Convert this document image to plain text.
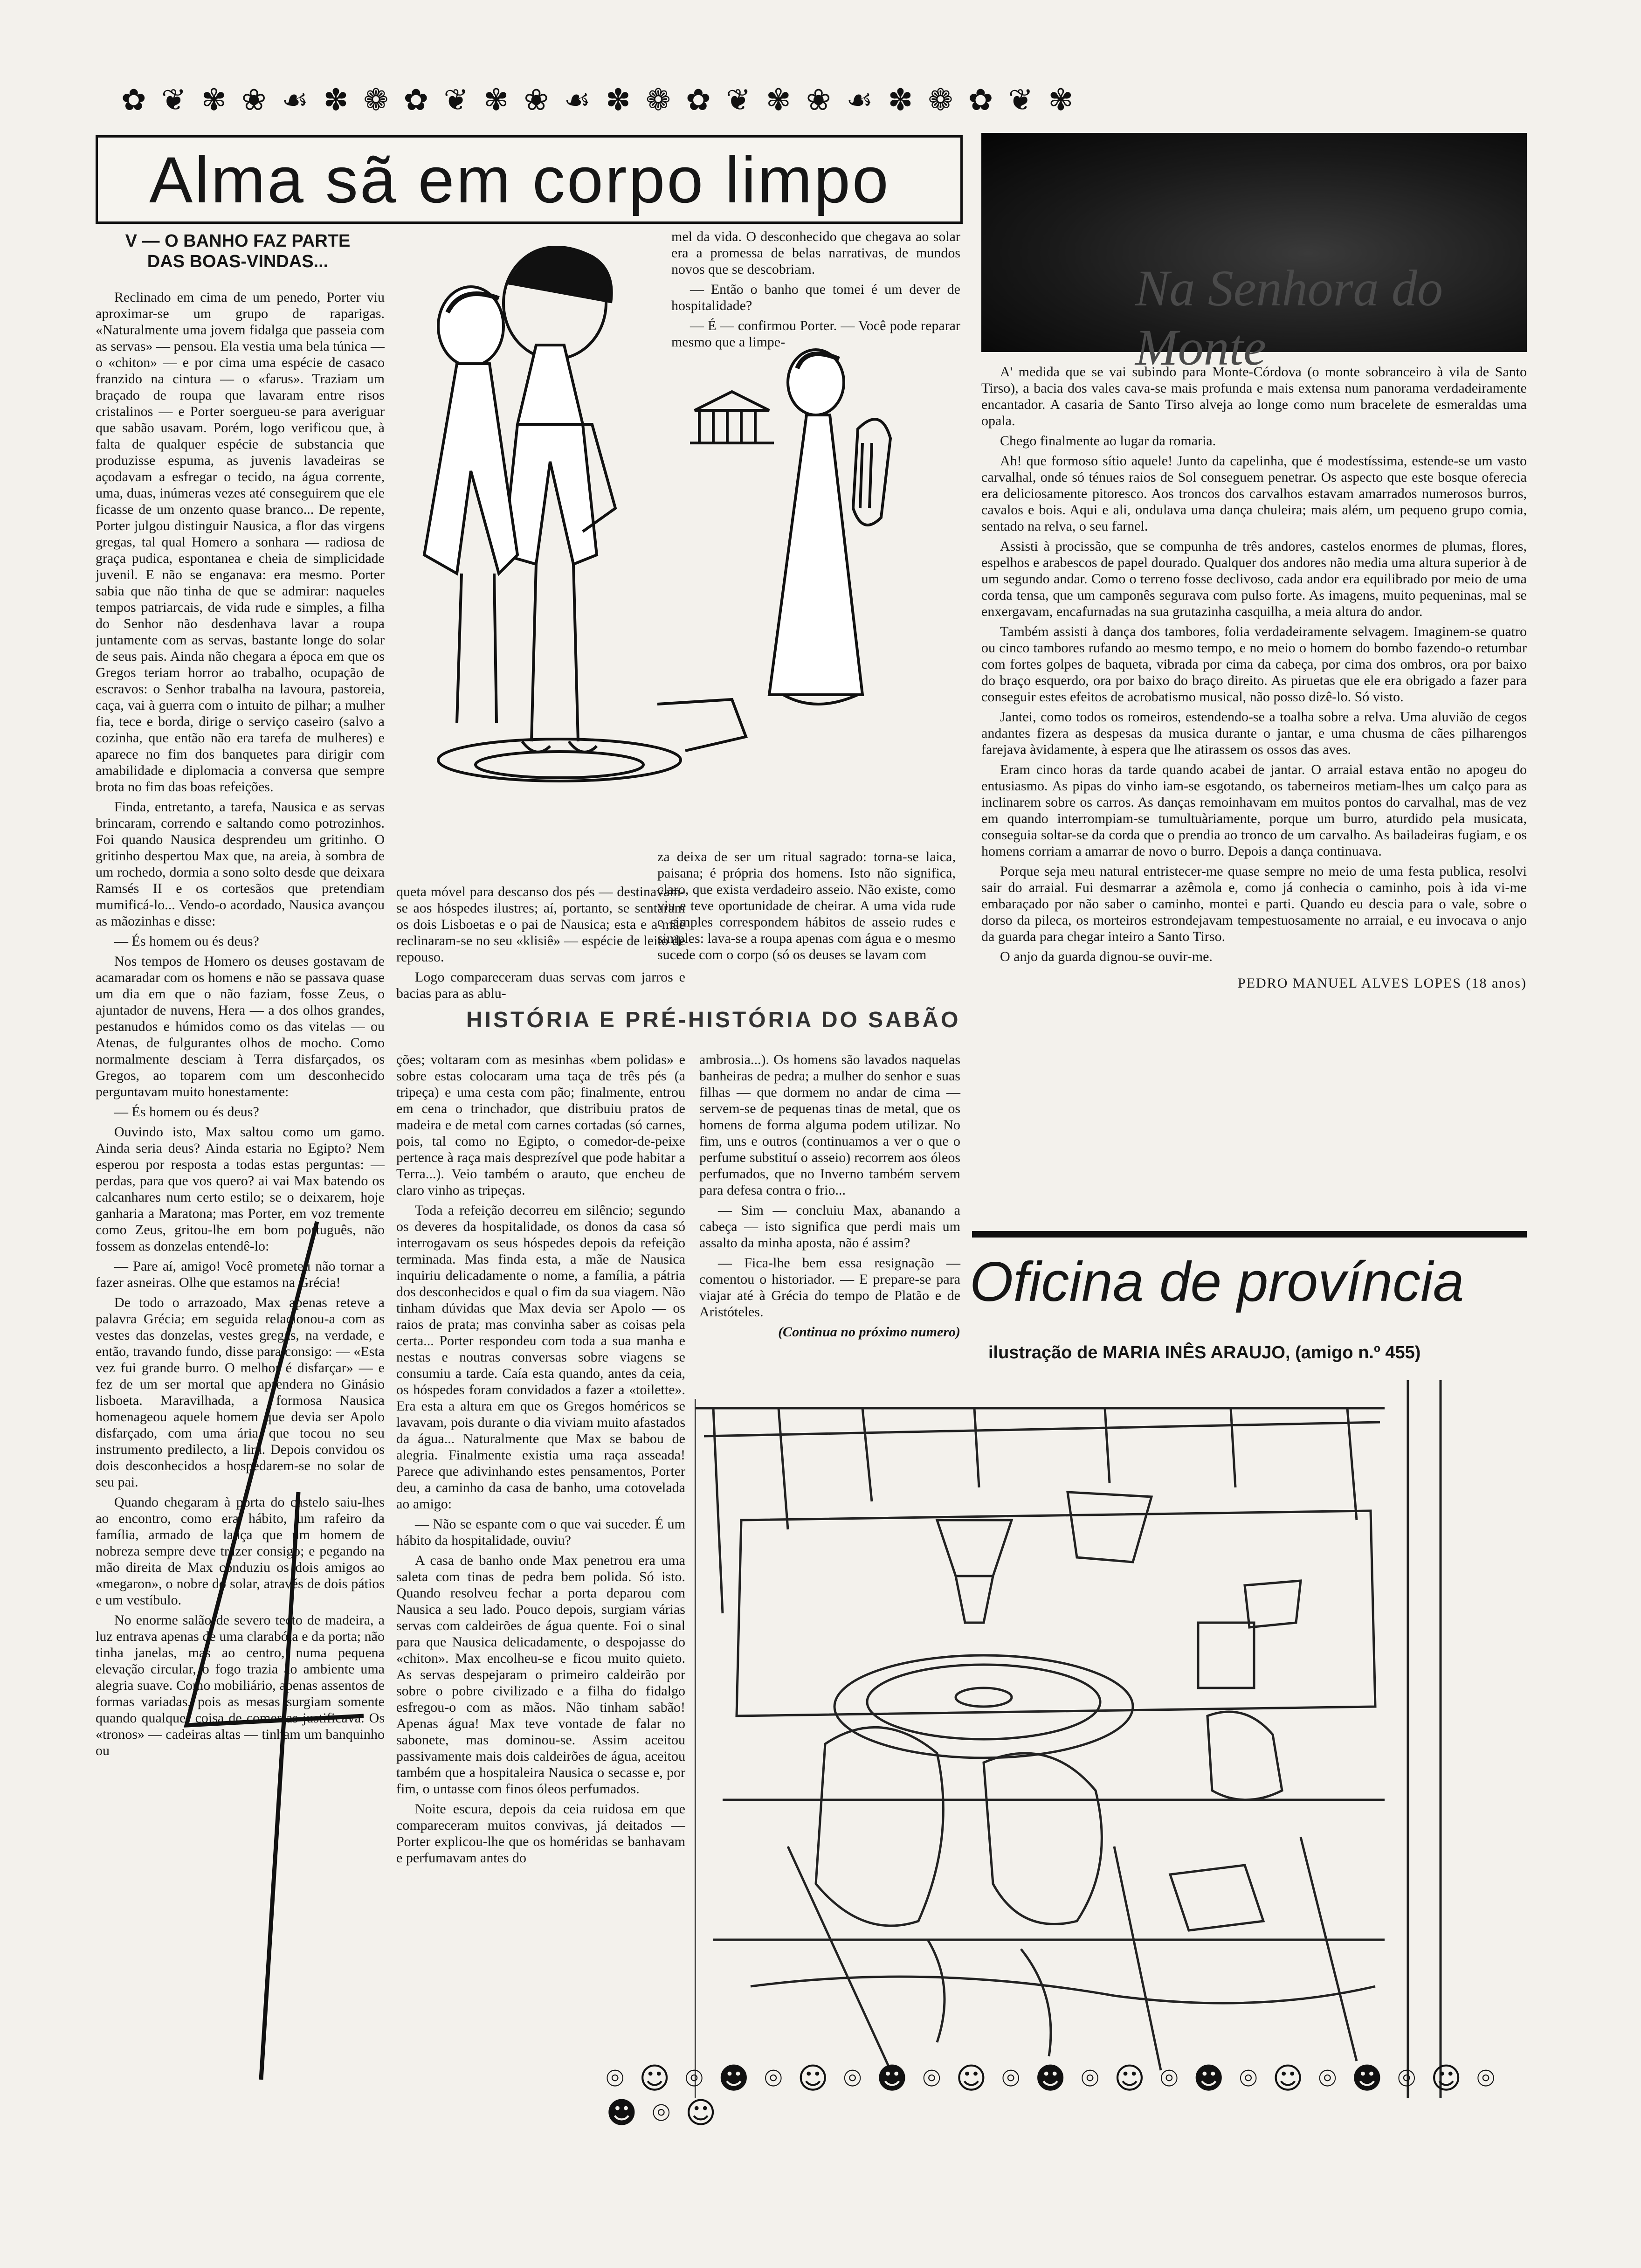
✿ ❦ ✾ ❀ ☙ ✽ ❁ ✿ ❦ ✾ ❀ ☙ ✽ ❁ ✿ ❦ ✾ ❀ ☙ ✽ ❁ ✿ ❦ ✾
Alma sã em corpo limpo
V — O BANHO FAZ PARTE
DAS BOAS-VINDAS...

Reclinado em cima de um penedo, Porter viu aproximar-se um grupo de raparigas. «Naturalmente uma jovem fidalga que passeia com as servas» — pensou. Ela vestia uma bela túnica — o «chiton» — e por cima uma espécie de casaco franzido na cintura — o «farus». Traziam um braçado de roupa que lavaram entre risos cristalinos — e Porter soergueu-se para averiguar que sabão usavam. Porém, logo verificou que, à falta de qualquer espécie de substancia que produzisse espuma, as juvenis lavadeiras se açodavam a esfregar o tecido, na água corrente, uma, duas, inúmeras vezes até conseguirem que ele ficasse de um onzento quase branco... De repente, Porter julgou distinguir Nausica, a flor das virgens gregas, tal qual Homero a sonhara — radiosa de graça pudica, espontanea e cheia de simplicidade juvenil. E não se enganava: era mesmo. Porter sabia que não tinha de que se admirar: naqueles tempos patriarcais, de vida rude e simples, a filha do Senhor não desdenhava lavar a roupa juntamente com as servas, bastante longe do solar de seus pais. Ainda não chegara a época em que os Gregos teriam horror ao trabalho, ocupação de escravos: o Senhor trabalha na lavoura, pastoreia, caça, vai à guerra com o intuito de pilhar; a mulher fia, tece e borda, dirige o serviço caseiro (salvo a cozinha, que então não era tarefa de mulheres) e aparece no fim dos banquetes para dirigir com amabilidade e diplomacia a conversa que sempre brota no fim das boas refeições.

Finda, entretanto, a tarefa, Nausica e as servas brincaram, correndo e saltando como potrozinhos. Foi quando Nausica desprendeu um gritinho. O gritinho despertou Max que, na areia, à sombra de um rochedo, dormia a sono solto desde que deixara Ramsés II e os cortesãos que pretendiam mumificá-lo... Vendo-o acordado, Nausica avançou as mãozinhas e disse:

— És homem ou és deus?

Nos tempos de Homero os deuses gostavam de acamaradar com os homens e não se passava quase um dia em que o não faziam, fosse Zeus, o ajuntador de nuvens, Hera — a dos olhos grandes, pestanudos e húmidos como os das vitelas — ou Atenas, de fulgurantes olhos de mocho. Como normalmente desciam à Terra disfarçados, os Gregos, ao toparem com um desconhecido perguntavam muito honestamente:

— És homem ou és deus?

Ouvindo isto, Max saltou como um gamo. Ainda seria deus? Ainda estaria no Egipto? Nem esperou por resposta a todas estas perguntas: — perdas, para que vos quero? ai vai Max batendo os calcanhares num certo estilo; se o deixarem, hoje ganharia a Maratona; mas Porter, em voz tremente como Zeus, gritou-lhe em bom português, não fossem as donzelas entendê-lo:

— Pare aí, amigo! Você prometeu não tornar a fazer asneiras. Olhe que estamos na Grécia!

De todo o arrazoado, Max apenas reteve a palavra Grécia; em seguida relacionou-a com as vestes das donzelas, vestes gregas, na verdade, e então, travando fundo, disse para consigo: — «Esta vez fui grande burro. O melhor é disfarçar» — e fez de um ser mortal que aprendera no Ginásio lisboeta. Maravilhada, a formosa Nausica homenageou aquele homem que devia ser Apolo disfarçado, com uma ária que tocou no seu instrumento predilecto, a lira. Depois convidou os dois desconhecidos a hospedarem-se no solar de seu pai.

Quando chegaram à porta do castelo saiu-lhes ao encontro, como era hábito, um rafeiro da família, armado de lança que um homem de nobreza sempre deve trazer consigo; e pegando na mão direita de Max conduziu os dois amigos ao «megaron», o nobre do solar, através de dois pátios e um vestíbulo.

No enorme salão de severo tecto de madeira, a luz entrava apenas de uma clarabóia e da porta; não tinha janelas, mas ao centro, numa pequena elevação circular, o fogo trazia ao ambiente uma alegria suave. Como mobiliário, apenas assentos de formas variadas, pois as mesas surgiam somente quando qualquer coisa de comer as justificava. Os «tronos» — cadeiras altas — tinham um banquinho ou

mel da vida. O desconhecido que chegava ao solar era a promessa de belas narrativas, de mundos novos que se descobriam.

— Então o banho que tomei é um dever de hospitalidade?

— É — confirmou Porter. — Você pode reparar mesmo que a limpe-

queta móvel para descanso dos pés — destinavam-se aos hóspedes ilustres; aí, portanto, se sentaram os dois Lisboetas e o pai de Nausica; esta e a mãe reclinaram-se no seu «klisiê» — espécie de leito de repouso.

Logo compareceram duas servas com jarros e bacias para as ablu-

za deixa de ser um ritual sagrado: torna-se laica, paisana; é própria dos homens. Isto não significa, claro, que exista verdadeiro asseio. Não existe, como viu e teve oportunidade de cheirar. A uma vida rude e simples correspondem hábitos de asseio rudes e simples: lava-se a roupa apenas com água e o mesmo sucede com o corpo (só os deuses se lavam com

HISTÓRIA E PRÉ-HISTÓRIA DO SABÃO

ções; voltaram com as mesinhas «bem polidas» e sobre estas colocaram uma taça de três pés (a tripeça) e uma cesta com pão; finalmente, entrou em cena o trinchador, que distribuiu pratos de madeira e de metal com carnes cortadas (só carnes, pois, tal como no Egipto, o comedor-de-peixe pertence à raça mais desprezível que pode habitar a Terra...). Veio também o arauto, que encheu de claro vinho as tripeças.

Toda a refeição decorreu em silêncio; segundo os deveres da hospitalidade, os donos da casa só interrogavam os seus hóspedes depois da refeição terminada. Mas finda esta, a mãe de Nausica inquiriu delicadamente o nome, a família, a pátria dos desconhecidos e qual o fim da sua viagem. Não tinham dúvidas que Max devia ser Apolo — os raios de prata; mas convinha saber as coisas pela certa... Porter respondeu com toda a sua manha e nestas e noutras conversas sobre viagens se consumiu a tarde. Caía esta quando, antes da ceia, os hóspedes foram convidados a fazer a «toilette». Era esta a altura em que os Gregos homéricos se lavavam, pois durante o dia viviam muito afastados da água... Naturalmente que Max se babou de alegria. Finalmente existia uma raça asseada! Parece que adivinhando estes pensamentos, Porter deu, a caminho da casa de banho, uma cotovelada ao amigo:

— Não se espante com o que vai suceder. É um hábito da hospitalidade, ouviu?

A casa de banho onde Max penetrou era uma saleta com tinas de pedra bem polida. Só isto. Quando resolveu fechar a porta deparou com Nausica a seu lado. Pouco depois, surgiam várias servas com caldeirões de água quente. Foi o sinal para que Nausica delicadamente, o despojasse do «chiton». Max encolheu-se e ficou muito quieto. As servas despejaram o primeiro caldeirão por sobre o pobre civilizado e a filha do fidalgo esfregou-o com as mãos. Não tinham sabão! Apenas água! Max teve vontade de falar no sabonete, mas dominou-se. Assim aceitou passivamente mais dois caldeirões de água, aceitou também que a hospitaleira Nausica o secasse e, por fim, o untasse com finos óleos perfumados.

Noite escura, depois da ceia ruidosa em que compareceram muitos convivas, já deitados — Porter explicou-lhe que os homéridas se banhavam e perfumavam antes do

ambrosia...). Os homens são lavados naquelas banheiras de pedra; a mulher do senhor e suas filhas — que dormem no andar de cima — servem-se de pequenas tinas de metal, que os homens de forma alguma podem utilizar. No fim, uns e outros (continuamos a ver o que o perfume substituí o asseio) recorrem aos óleos perfumados, que no Inverno também servem para defesa contra o frio...

— Sim — concluiu Max, abanando a cabeça — isto significa que perdi mais um assalto da minha aposta, não é assim?

— Fica-lhe bem essa resignação — comentou o historiador. — E prepare-se para viajar até à Grécia do tempo de Platão e de Aristóteles.

(Continua no próximo numero)

Na Senhora do Monte

A' medida que se vai subindo para Monte-Córdova (o monte sobranceiro à vila de Santo Tirso), a bacia dos vales cava-se mais profunda e mais extensa num panorama verdadeiramente encantador. A casaria de Santo Tirso alveja ao longe como num bracelete de esmeraldas uma opala.

Chego finalmente ao lugar da romaria.

Ah! que formoso sítio aquele! Junto da capelinha, que é modestíssima, estende-se um vasto carvalhal, onde só ténues raios de Sol conseguem penetrar. Os aspecto que este bosque oferecia era deliciosamente pitoresco. Aos troncos dos carvalhos estavam amarrados numerosos burros, cavalos e bois. Aqui e ali, ondulava uma dança chuleira; mais além, um pequeno grupo comia, sentado na relva, o seu farnel.

Assisti à procissão, que se compunha de três andores, castelos enormes de plumas, flores, espelhos e arabescos de papel dourado. Qualquer dos andores não media uma altura superior à de um segundo andar. Como o terreno fosse declivoso, cada andor era equilibrado por meio de uma corda tensa, que um camponês segurava com pulso forte. As imagens, muito pequeninas, mal se enxergavam, encafurnadas na sua grutazinha casquilha, a meia altura do andor.

Também assisti à dança dos tambores, folia verdadeiramente selvagem. Imaginem-se quatro ou cinco tambores rufando ao mesmo tempo, e no meio o homem do bombo fazendo-o retumbar com fortes golpes de baqueta, vibrada por cima da cabeça, por cima dos ombros, ora por baixo do braço esquerdo, ora por baixo do braço direito. As piruetas que ele era obrigado a fazer para conseguir estes efeitos de acrobatismo musical, não posso dizê-lo. Só visto.

Jantei, como todos os romeiros, estendendo-se a toalha sobre a relva. Uma aluvião de cegos andantes fizera as despesas da musica durante o jantar, e uma chusma de cães pilharengos farejava àvidamente, à espera que lhe atirassem os ossos das aves.

Eram cinco horas da tarde quando acabei de jantar. O arraial estava então no apogeu do entusiasmo. As pipas do vinho iam-se esgotando, os taberneiros metiam-lhes um calço para as inclinarem sobre os carros. As danças remoinhavam em muitos pontos do carvalhal, mas de vez em quando interrompiam-se tumultuàriamente, porque um burro, aturdido pela musicata, conseguia soltar-se da corda que o prendia ao tronco de um carvalho. As bailadeiras fugiam, e os homens corriam a amarrar de novo o burro. Depois a dança continuava.

Porque seja meu natural entristecer-me quase sempre no meio de uma festa publica, resolvi sair do arraial. Fui desmarrar a azêmola e, como já conhecia o caminho, pois à ida vi-me embaraçado por não saber o caminho, montei e parti. Quando eu descia para o vale, sobre o dorso da pileca, os morteiros estrondejavam tempestuosamente no arraial, e eu invocava o anjo da guarda para chegar inteiro a Santo Tirso.

O anjo da guarda dignou-se ouvir-me.

PEDRO MANUEL ALVES LOPES (18 anos)

Oficina de província
ilustração de MARIA INÊS ARAUJO, (amigo n.º 455)
⌾ ☺ ⌾ ☻ ⌾ ☺ ⌾ ☻ ⌾ ☺ ⌾ ☻ ⌾ ☺ ⌾ ☻ ⌾ ☺ ⌾ ☻ ⌾ ☺ ⌾ ☻ ⌾ ☺
